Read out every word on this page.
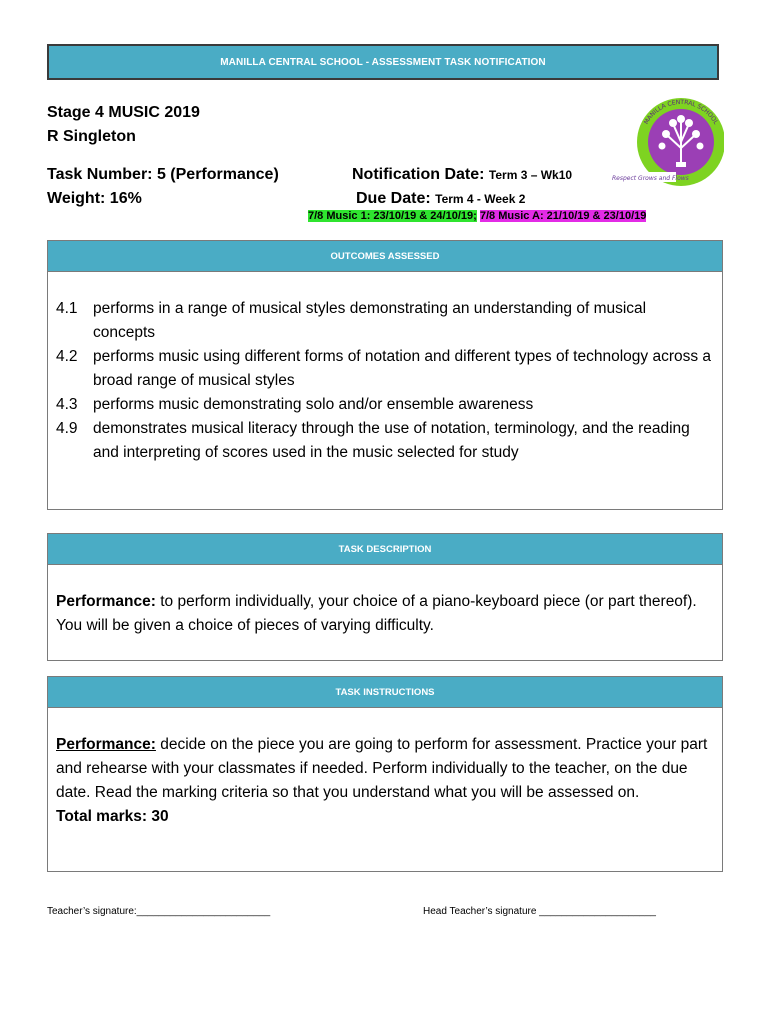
MANILLA CENTRAL SCHOOL - ASSESSMENT TASK NOTIFICATION
Stage 4 MUSIC 2019
R Singleton
Task Number: 5 (Performance)
Weight: 16%
Notification Date: Term 3 – Wk10
Due Date: Term 4 - Week 2
7/8 Music 1: 23/10/19 & 24/10/19; 7/8 Music A: 21/10/19 & 23/10/19
MANILLA CENTRAL SCHOOL
Respect Grows and Flows
OUTCOMES ASSESSED
4.1 performs in a range of musical styles demonstrating an understanding of musical concepts
4.2 performs music using different forms of notation and different types of technology across a broad range of musical styles
4.3 performs music demonstrating solo and/or ensemble awareness
4.9 demonstrates musical literacy through the use of notation, terminology, and the reading and interpreting of scores used in the music selected for study
TASK DESCRIPTION
Performance: to perform individually, your choice of a piano-keyboard piece (or part thereof). You will be given a choice of pieces of varying difficulty.
TASK INSTRUCTIONS
Performance: decide on the piece you are going to perform for assessment. Practice your part and rehearse with your classmates if needed. Perform individually to the teacher, on the due date. Read the marking criteria so that you understand what you will be assessed on.
Total marks: 30
Teacher’s signature:________________________	Head Teacher’s signature _____________________
